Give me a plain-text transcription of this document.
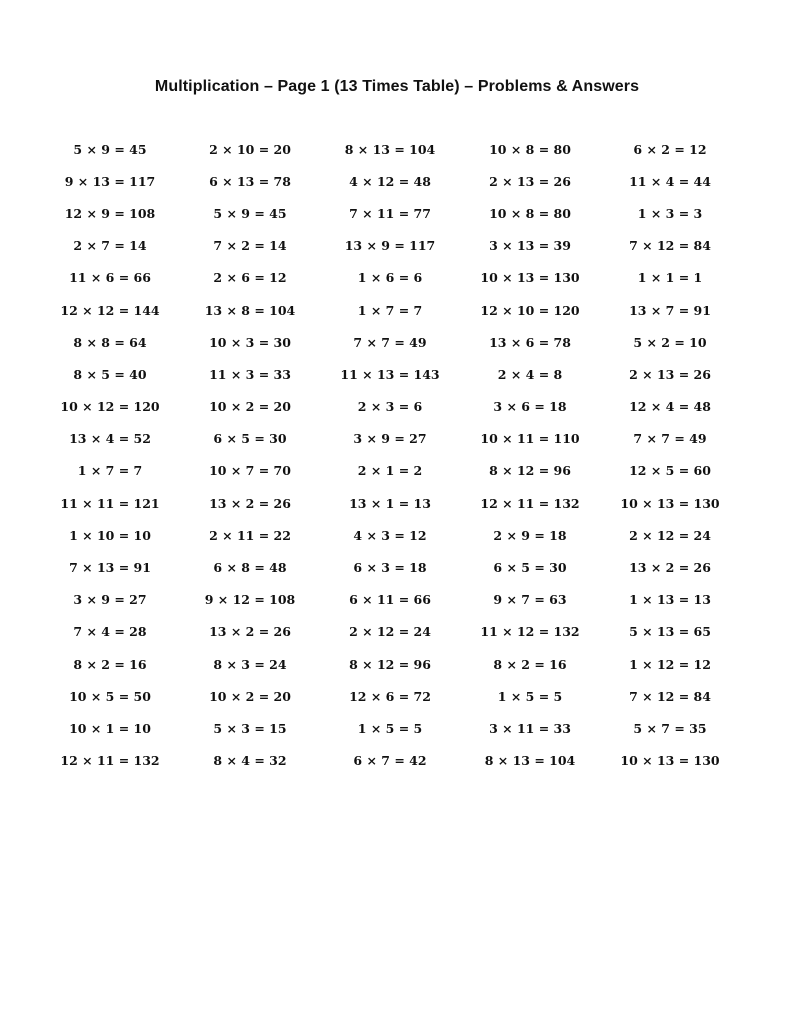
Multiplication – Page 1 (13 Times Table) – Problems & Answers
5 × 9 = 45	2 × 10 = 20	8 × 13 = 104	10 × 8 = 80	6 × 2 = 12
9 × 13 = 117	6 × 13 = 78	4 × 12 = 48	2 × 13 = 26	11 × 4 = 44
12 × 9 = 108	5 × 9 = 45	7 × 11 = 77	10 × 8 = 80	1 × 3 = 3
2 × 7 = 14	7 × 2 = 14	13 × 9 = 117	3 × 13 = 39	7 × 12 = 84
11 × 6 = 66	2 × 6 = 12	1 × 6 = 6	10 × 13 = 130	1 × 1 = 1
12 × 12 = 144	13 × 8 = 104	1 × 7 = 7	12 × 10 = 120	13 × 7 = 91
8 × 8 = 64	10 × 3 = 30	7 × 7 = 49	13 × 6 = 78	5 × 2 = 10
8 × 5 = 40	11 × 3 = 33	11 × 13 = 143	2 × 4 = 8	2 × 13 = 26
10 × 12 = 120	10 × 2 = 20	2 × 3 = 6	3 × 6 = 18	12 × 4 = 48
13 × 4 = 52	6 × 5 = 30	3 × 9 = 27	10 × 11 = 110	7 × 7 = 49
1 × 7 = 7	10 × 7 = 70	2 × 1 = 2	8 × 12 = 96	12 × 5 = 60
11 × 11 = 121	13 × 2 = 26	13 × 1 = 13	12 × 11 = 132	10 × 13 = 130
1 × 10 = 10	2 × 11 = 22	4 × 3 = 12	2 × 9 = 18	2 × 12 = 24
7 × 13 = 91	6 × 8 = 48	6 × 3 = 18	6 × 5 = 30	13 × 2 = 26
3 × 9 = 27	9 × 12 = 108	6 × 11 = 66	9 × 7 = 63	1 × 13 = 13
7 × 4 = 28	13 × 2 = 26	2 × 12 = 24	11 × 12 = 132	5 × 13 = 65
8 × 2 = 16	8 × 3 = 24	8 × 12 = 96	8 × 2 = 16	1 × 12 = 12
10 × 5 = 50	10 × 2 = 20	12 × 6 = 72	1 × 5 = 5	7 × 12 = 84
10 × 1 = 10	5 × 3 = 15	1 × 5 = 5	3 × 11 = 33	5 × 7 = 35
12 × 11 = 132	8 × 4 = 32	6 × 7 = 42	8 × 13 = 104	10 × 13 = 130
